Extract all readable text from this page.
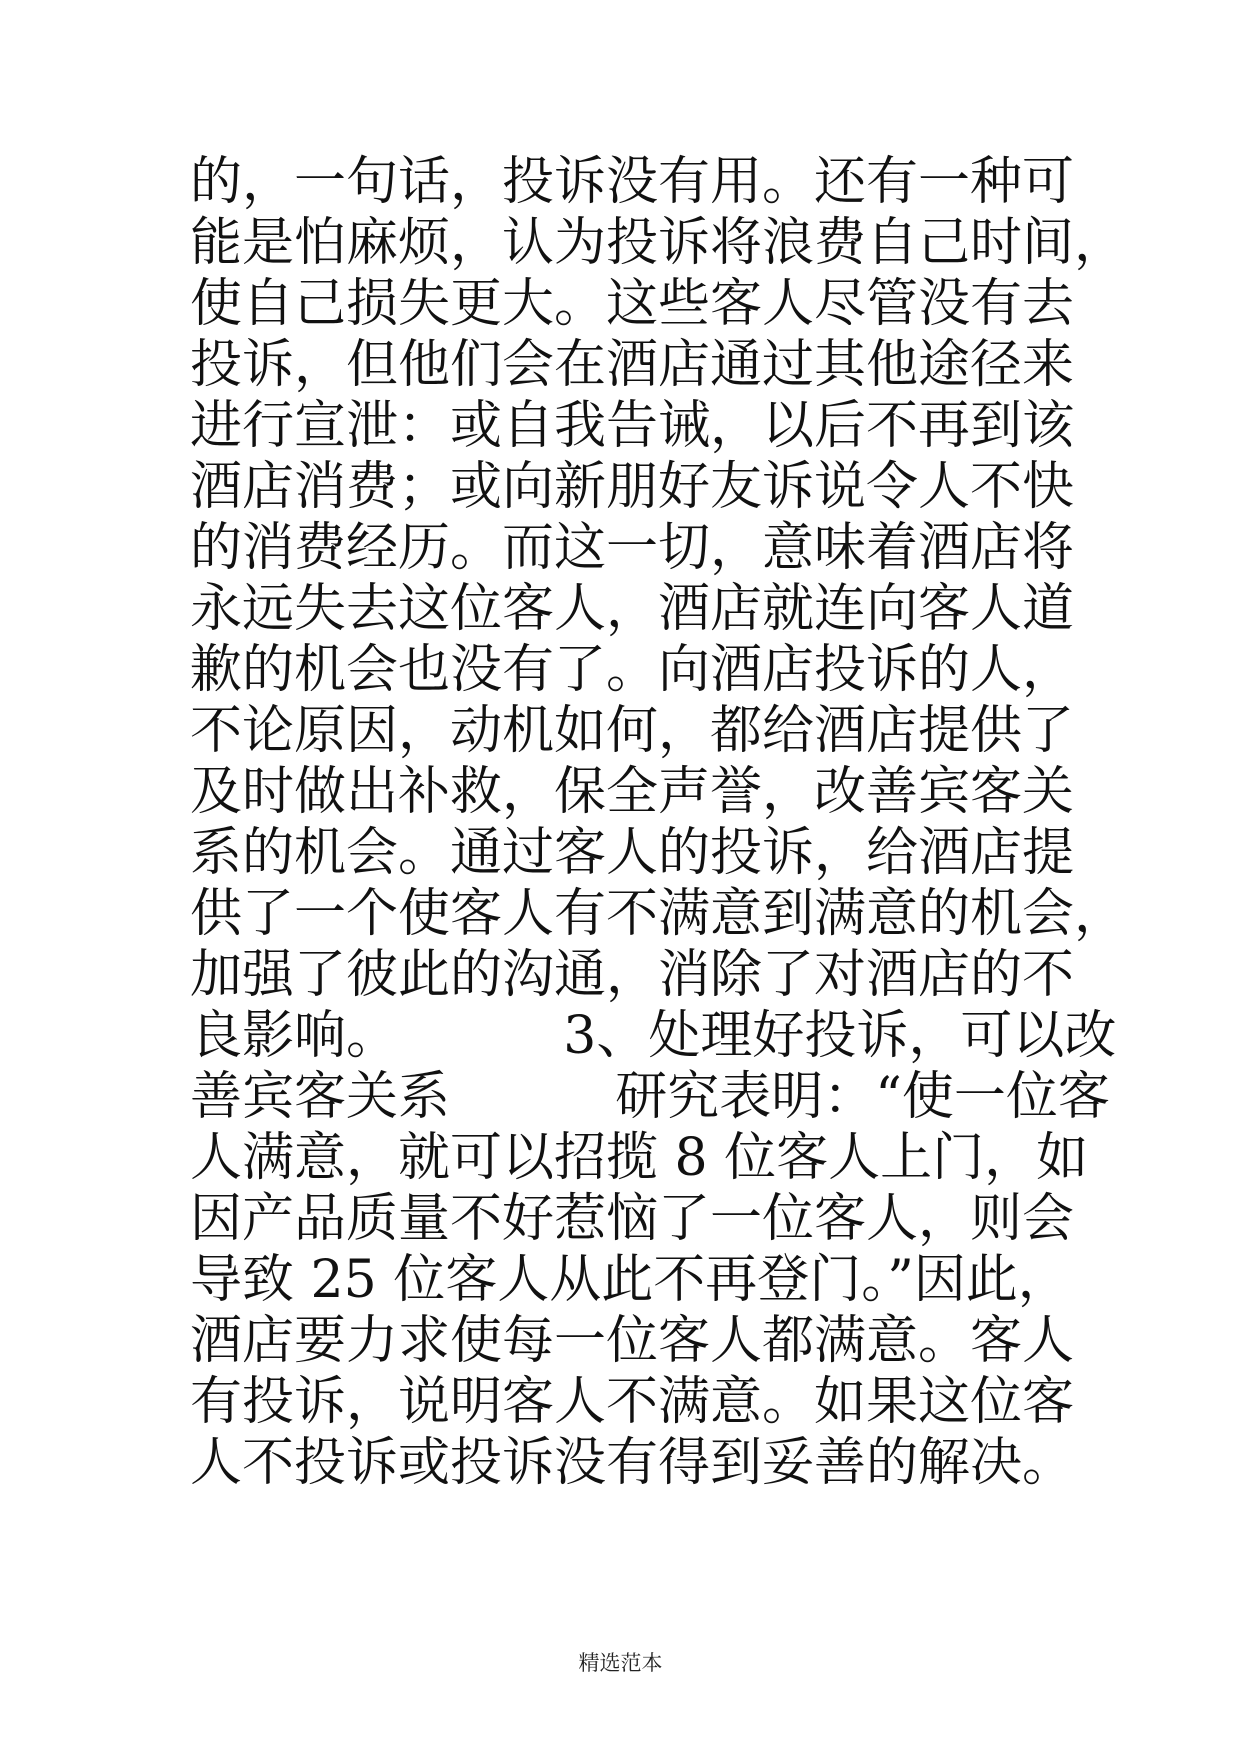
的，一句话，投诉没有用。还有一种可
能是怕麻烦，认为投诉将浪费自己时间，
使自己损失更大。这些客人尽管没有去
投诉，但他们会在酒店通过其他途径来
进行宣泄：或自我告诫，以后不再到该
酒店消费；或向新朋好友诉说令人不快
的消费经历。而这一切，意味着酒店将
永远失去这位客人，酒店就连向客人道
歉的机会也没有了。向酒店投诉的人，
不论原因，动机如何，都给酒店提供了
及时做出补救，保全声誉，改善宾客关
系的机会。通过客人的投诉，给酒店提
供了一个使客人有不满意到满意的机会，
加强了彼此的沟通，消除了对酒店的不
良影响。          3、处理好投诉，可以改
善宾客关系          研究表明：“使一位客
人满意，就可以招揽 8 位客人上门，如
因产品质量不好惹恼了一位客人，则会
导致 25 位客人从此不再登门。”因此，
酒店要力求使每一位客人都满意。客人
有投诉，说明客人不满意。如果这位客
人不投诉或投诉没有得到妥善的解决。
精选范本
